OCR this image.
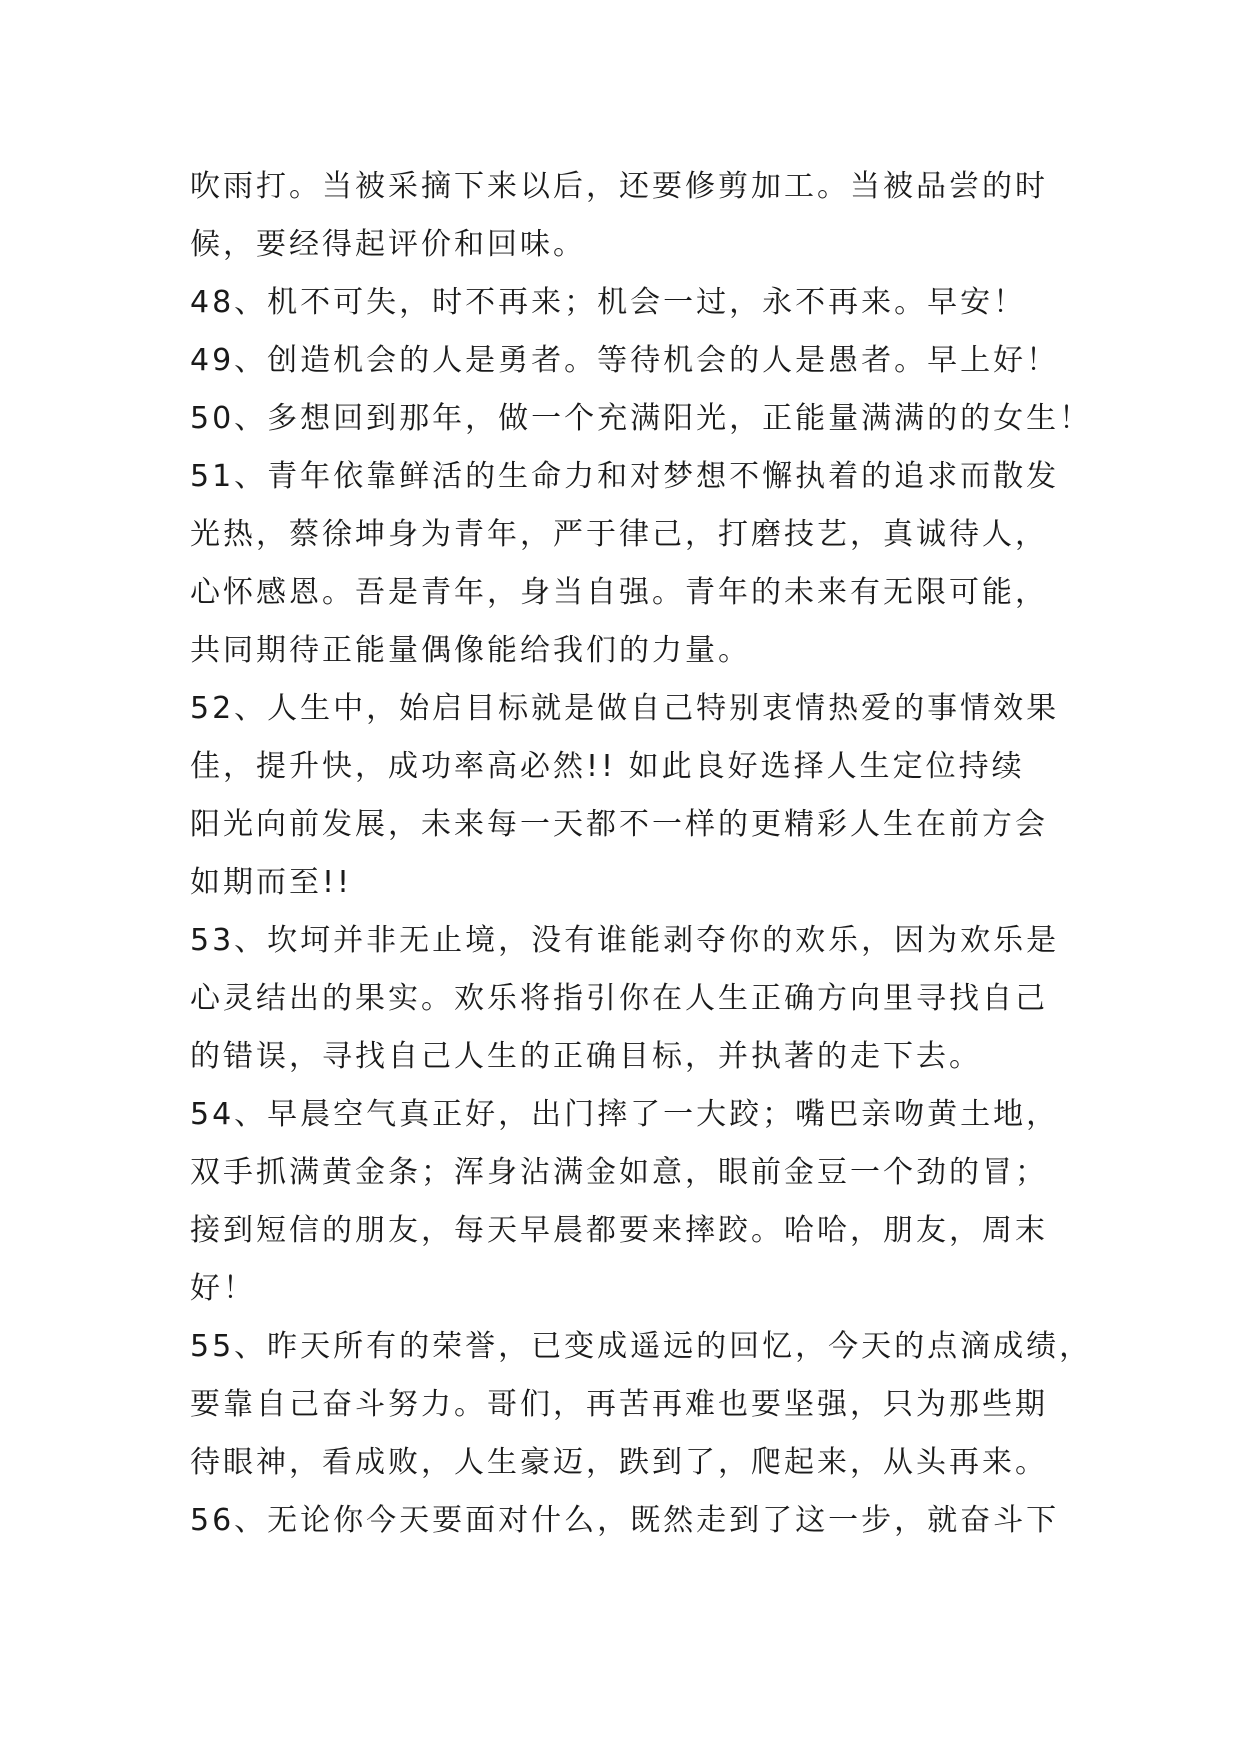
吹雨打。当被采摘下来以后，还要修剪加工。当被品尝的时
候，要经得起评价和回味。
48、机不可失，时不再来；机会一过，永不再来。早安！
49、创造机会的人是勇者。等待机会的人是愚者。早上好！
50、多想回到那年，做一个充满阳光，正能量满满的的女生！
51、青年依靠鲜活的生命力和对梦想不懈执着的追求而散发
光热，蔡徐坤身为青年，严于律己，打磨技艺，真诚待人，
心怀感恩。吾是青年，身当自强。青年的未来有无限可能，
共同期待正能量偶像能给我们的力量。
52、人生中，始启目标就是做自己特别衷情热爱的事情效果
佳，提升快，成功率高必然!! 如此良好选择人生定位持续
阳光向前发展，未来每一天都不一样的更精彩人生在前方会
如期而至!!
53、坎坷并非无止境，没有谁能剥夺你的欢乐，因为欢乐是
心灵结出的果实。欢乐将指引你在人生正确方向里寻找自己
的错误，寻找自己人生的正确目标，并执著的走下去。
54、早晨空气真正好，出门摔了一大跤；嘴巴亲吻黄土地，
双手抓满黄金条；浑身沾满金如意，眼前金豆一个劲的冒；
接到短信的朋友，每天早晨都要来摔跤。哈哈，朋友，周末
好！
55、昨天所有的荣誉，已变成遥远的回忆，今天的点滴成绩，
要靠自己奋斗努力。哥们，再苦再难也要坚强，只为那些期
待眼神，看成败，人生豪迈，跌到了，爬起来，从头再来。
56、无论你今天要面对什么，既然走到了这一步，就奋斗下
